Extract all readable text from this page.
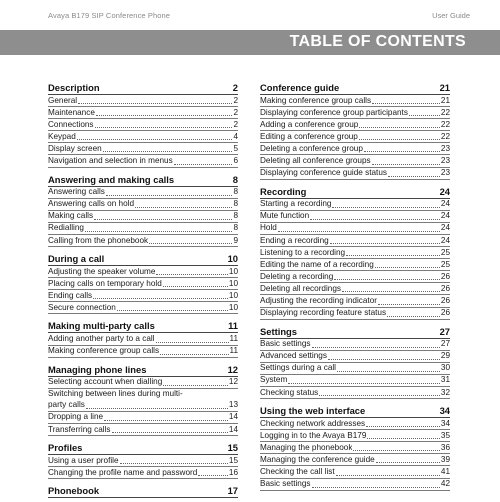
Avaya B179 SIP Conference Phone	User Guide
TABLE OF CONTENTS
Description	2
General	2
Maintenance	2
Connections	2
Keypad	4
Display screen	5
Navigation and selection in menus	6
Answering and making calls	8
Answering calls	8
Answering calls on hold	8
Making calls	8
Redialling	8
Calling from the phonebook	9
During a call	10
Adjusting the speaker volume	10
Placing calls on temporary hold	10
Ending calls	10
Secure connection	10
Making multi-party calls	11
Adding another party to a call	11
Making conference group calls	11
Managing phone lines	12
Selecting account when dialling	12
Switching between lines during multi-
party calls	13
Dropping a line	14
Transferring calls	14
Profiles	15
Using a user profile	15
Changing the profile name and password	16
Phonebook	17
Conference guide	21
Making conference group calls	21
Displaying conference group participants	22
Adding a conference group	22
Editing a conference group	22
Deleting a conference group	23
Deleting all conference groups	23
Displaying conference guide status	23
Recording	24
Starting a recording	24
Mute function	24
Hold	24
Ending a recording	24
Listening to a recording	25
Editing the name of a recording	25
Deleting a recording	26
Deleting all recordings	26
Adjusting the recording indicator	26
Displaying recording feature status	26
Settings	27
Basic settings	27
Advanced settings	29
Settings during a call	30
System	31
Checking status	32
Using the web interface	34
Checking network addresses	34
Logging in to the Avaya B179	35
Managing the phonebook	36
Managing the conference guide	39
Checking the call list	41
Basic settings	42
